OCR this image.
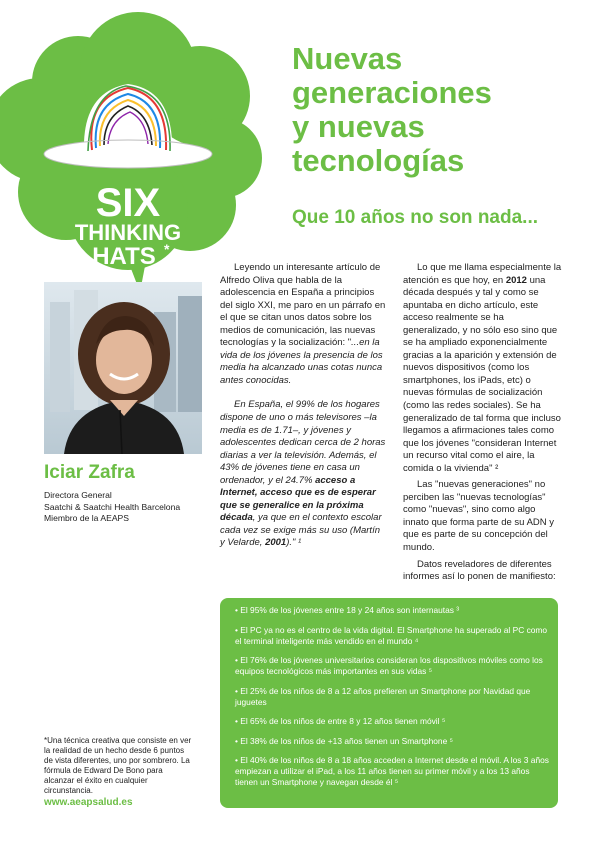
SIX
THINKING
HATS *
Nuevas
generaciones
y nuevas
tecnologías
Que 10 años no son nada...
Iciar Zafra
Directora General
Saatchi & Saatchi Health Barcelona
Miembro de la AEAPS

Leyendo un interesante artículo de Alfredo Oliva que habla de la adolescencia en España a principios del siglo XXI, me paro en un párrafo en el que se citan unos datos sobre los medios de comunicación, las nuevas tecnologías y la socialización: "...en la vida de los jóvenes la presencia de los media ha alcanzado unas cotas nunca antes conocidas.

En España, el 99% de los hogares dispone de uno o más televisores –la media es de 1.71–, y jóvenes y adolescentes dedican cerca de 2 horas diarias a ver la televisión. Además, el 43% de jóvenes tiene en casa un ordenador, y el 24.7% acceso a Internet, acceso que es de esperar que se generalice en la próxima década, ya que en el contexto escolar cada vez se exige más su uso (Martín y Velarde, 2001)." ¹

Lo que me llama especialmente la atención es que hoy, en 2012 una década después y tal y como se apuntaba en dicho artículo, este acceso realmente se ha generalizado, y no sólo eso sino que se ha ampliado exponencialmente gracias a la aparición y extensión de nuevos dispositivos (como los smartphones, los iPads, etc) o nuevas fórmulas de socialización (como las redes sociales). Se ha generalizado de tal forma que incluso llegamos a afirmaciones tales como que los jóvenes "consideran Internet un recurso vital como el aire, la comida o la vivienda" ²

Las "nuevas generaciones" no perciben las "nuevas tecnologías" como "nuevas", sino como algo innato que forma parte de su ADN y que es parte de su concepción del mundo.

Datos reveladores de diferentes informes así lo ponen de manifiesto:

• El 95% de los jóvenes entre 18 y 24 años son internautas ³
• El PC ya no es el centro de la vida digital. El Smartphone ha superado al PC como el terminal inteligente más vendido en el mundo ⁴
• El 76% de los jóvenes universitarios consideran los dispositivos móviles como los equipos tecnológicos más importantes en sus vidas ⁵
• El 25% de los niños de 8 a 12 años prefieren un Smartphone por Navidad que juguetes
• El 65% de los niños de entre 8 y 12 años tienen móvil ⁵
• El 38% de los niños de +13 años tienen un Smartphone ⁵
• El 40% de los niños de 8 a 18 años acceden a Internet desde el móvil. A los 3 años empiezan a utilizar el iPad, a los 11 años tienen su primer móvil y a los 13 años tienen un Smartphone y navegan desde él ⁵
*Una técnica creativa que consiste en ver la realidad de un hecho desde 6 puntos de vista diferentes, uno por sombrero. La fórmula de Edward De Bono para alcanzar el éxito en cualquier circunstancia.
www.aeapsalud.es
